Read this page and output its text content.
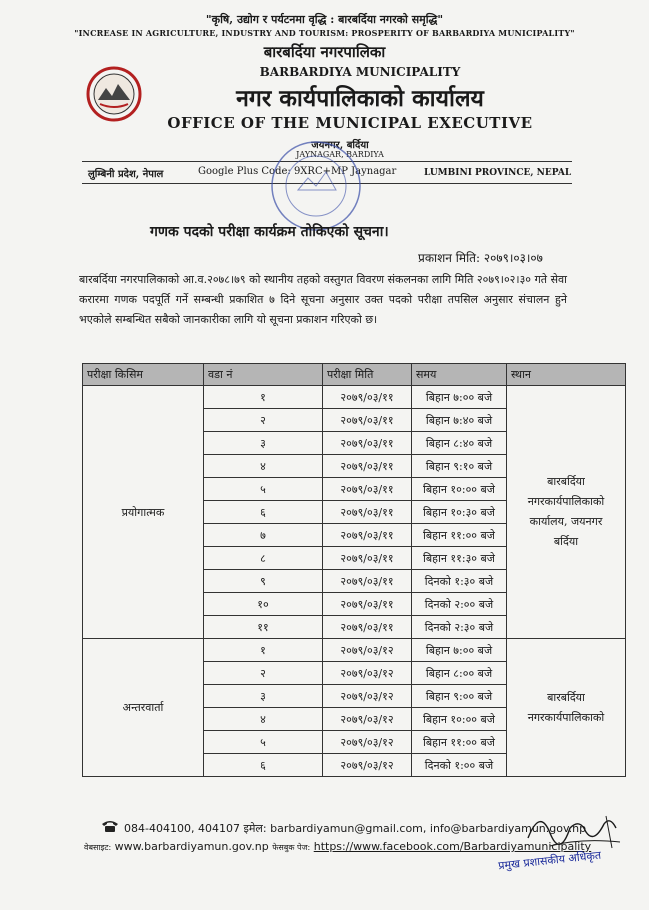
"कृषि, उद्योग र पर्यटनमा वृद्धि : बारबर्दिया नगरको समृद्धि"
"INCREASE IN AGRICULTURE, INDUSTRY AND TOURISM: PROSPERITY OF BARBARDIYA MUNICIPALITY"
बारबर्दिया नगरपालिका
BARBARDIYA MUNICIPALITY
नगर कार्यपालिकाको कार्यालय
OFFICE OF THE MUNICIPAL EXECUTIVE
जयनगर, बर्दिया
JAYNAGAR, BARDIYA
लुम्बिनी प्रदेश, नेपाल	Google Plus Code: 9XRC+MP Jaynagar	LUMBINI PROVINCE, NEPAL
गणक पदको परीक्षा कार्यक्रम तोकिएको सूचना।
प्रकाशन मिति: २०७९।०३।०७
बारबर्दिया नगरपालिकाको आ.व.२०७८।७९ को स्थानीय तहको वस्तुगत विवरण संकलनका लागि मिति २०७९।०२।३० गते सेवा करारमा गणक पदपूर्ति गर्ने सम्बन्धी प्रकाशित ७ दिने सूचना अनुसार उक्त पदको परीक्षा तपसिल अनुसार संचालन हुने भएकोले सम्बन्धित सबैको जानकारीका लागि यो सूचना प्रकाशन गरिएको छ।
परीक्षा किसिम	वडा नं	परीक्षा मिति	समय	स्थान
प्रयोगात्मक	१	२०७९/०३/११	बिहान ७:०० बजे	बारबर्दिया
नगरकार्यपालिकाको
कार्यालय, जयनगर
बर्दिया

	२	२०७९/०३/११	बिहान ७:४० बजे	
	३	२०७९/०३/११	बिहान ८:४० बजे	
	४	२०७९/०३/११	बिहान ९:१० बजे	
	५	२०७९/०३/११	बिहान १०:०० बजे	
	६	२०७९/०३/११	बिहान १०:३० बजे	
	७	२०७९/०३/११	बिहान ११:०० बजे	
	८	२०७९/०३/११	बिहान ११:३० बजे	
	९	२०७९/०३/११	दिनको १:३० बजे	
	१०	२०७९/०३/११	दिनको २:०० बजे	
	११	२०७९/०३/११	दिनको २:३० बजे	
अन्तरवार्ता	१	२०७९/०३/१२	बिहान ७:०० बजे	बारबर्दिया
नगरकार्यपालिकाको

	२	२०७९/०३/१२	बिहान ८:०० बजे	
	३	२०७९/०३/१२	बिहान ९:०० बजे	
	४	२०७९/०३/१२	बिहान १०:०० बजे	
	५	२०७९/०३/१२	बिहान ११:०० बजे	
	६	२०७९/०३/१२	दिनको १:०० बजे	
084-404100, 404107 इमेल: barbardiyamun@gmail.com, info@barbardiyamun.gov.np
वेबसाइट: www.barbardiyamun.gov.np फेसबुक पेज: https://www.facebook.com/Barbardiyamunicipality
प्रमुख प्रशासकीय अधिकृत
